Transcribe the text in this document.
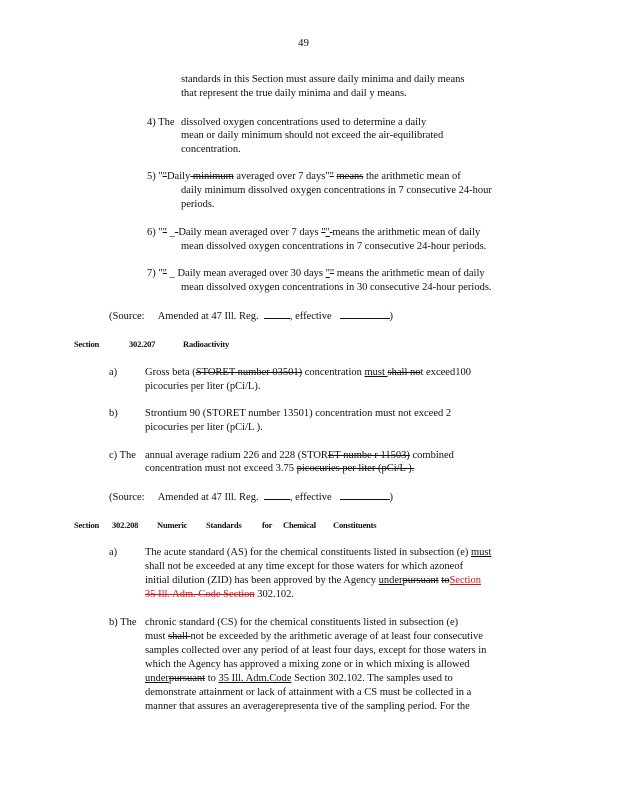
49
standards in this Section must assure daily minima and daily means
that represent the true daily minima and dail y means.
4) The dissolved oxygen concentrations used to determine a daily
mean or daily minimum should not exceed the air-equilibrated
concentration.
5) ""Daily minimum averaged over 7 days"" means the arithmetic mean of
daily minimum dissolved oxygen concentrations in 7 consecutive 24-hour
periods.
6) "" _-Daily mean averaged over 7 days "" means the arithmetic mean of daily
mean dissolved oxygen concentrations in 7 consecutive 24-hour periods.
7) "" _ Daily mean averaged over 30 days "" means the arithmetic mean of daily
mean dissolved oxygen concentrations in 30 consecutive 24-hour periods.
(Source: Amended at 47 Ill. Reg.	, effective	)
Section	302.207	Radioactivity
a)	Gross beta (STORET number 03501) concentration must shall not exceed100
picocuries per liter (pCi/L).
b)	Strontium 90 (STORET number 13501) concentration must not exceed 2
picocuries per liter (pCi/L ).
c) The annual average radium 226 and 228 (STORET numbe r 11503) combined
concentration must not exceed 3.75 picocuries per liter (pCi/L ).
(Source: Amended at 47 Ill. Reg.	, effective	)
Section 302.208 Numeric Standards for Chemical Constituents
a)	The acute standard (AS) for the chemical constituents listed in subsection (e) must
shall not be exceeded at any time except for those waters for which azoneof
initial dilution (ZID) has been approved by the Agency underpursuant toSection
35 Ill. Adm. Code Section 302.102.
b) The chronic standard (CS) for the chemical constituents listed in subsection (e)
must shall not be exceeded by the arithmetic average of at least four consecutive
samples collected over any period of at least four days, except for those waters in
which the Agency has approved a mixing zone or in which mixing is allowed
underpursuant to 35 Ill. Adm.Code Section 302.102. The samples used to
demonstrate attainment or lack of attainment with a CS must be collected in a
manner that assures an averagerepresenta tive of the sampling period. For the
